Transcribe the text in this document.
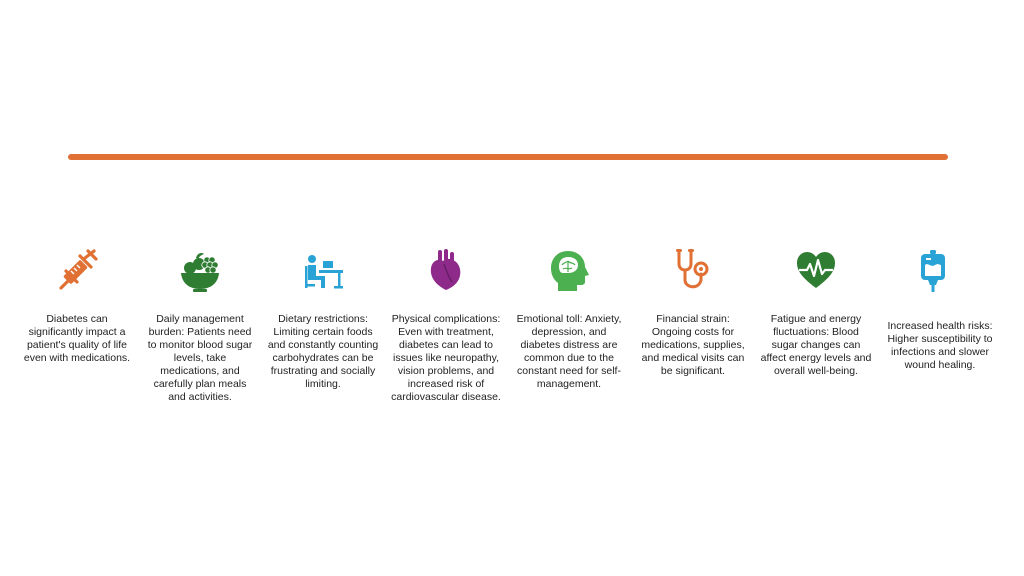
Diabetes can significantly impact a patient's quality of life even with medications.

Daily management burden: Patients need to monitor blood sugar levels, take medications, and carefully plan meals and activities.

Dietary restrictions: Limiting certain foods and constantly counting carbohydrates can be frustrating and socially limiting.

Physical complications: Even with treatment, diabetes can lead to issues like neuropathy, vision problems, and increased risk of cardiovascular disease.

Emotional toll: Anxiety, depression, and diabetes distress are common due to the constant need for self-management.

Financial strain: Ongoing costs for medications, supplies, and medical visits can be significant.

Fatigue and energy fluctuations: Blood sugar changes can affect energy levels and overall well-being.

Increased health risks: Higher susceptibility to infections and slower wound healing.
